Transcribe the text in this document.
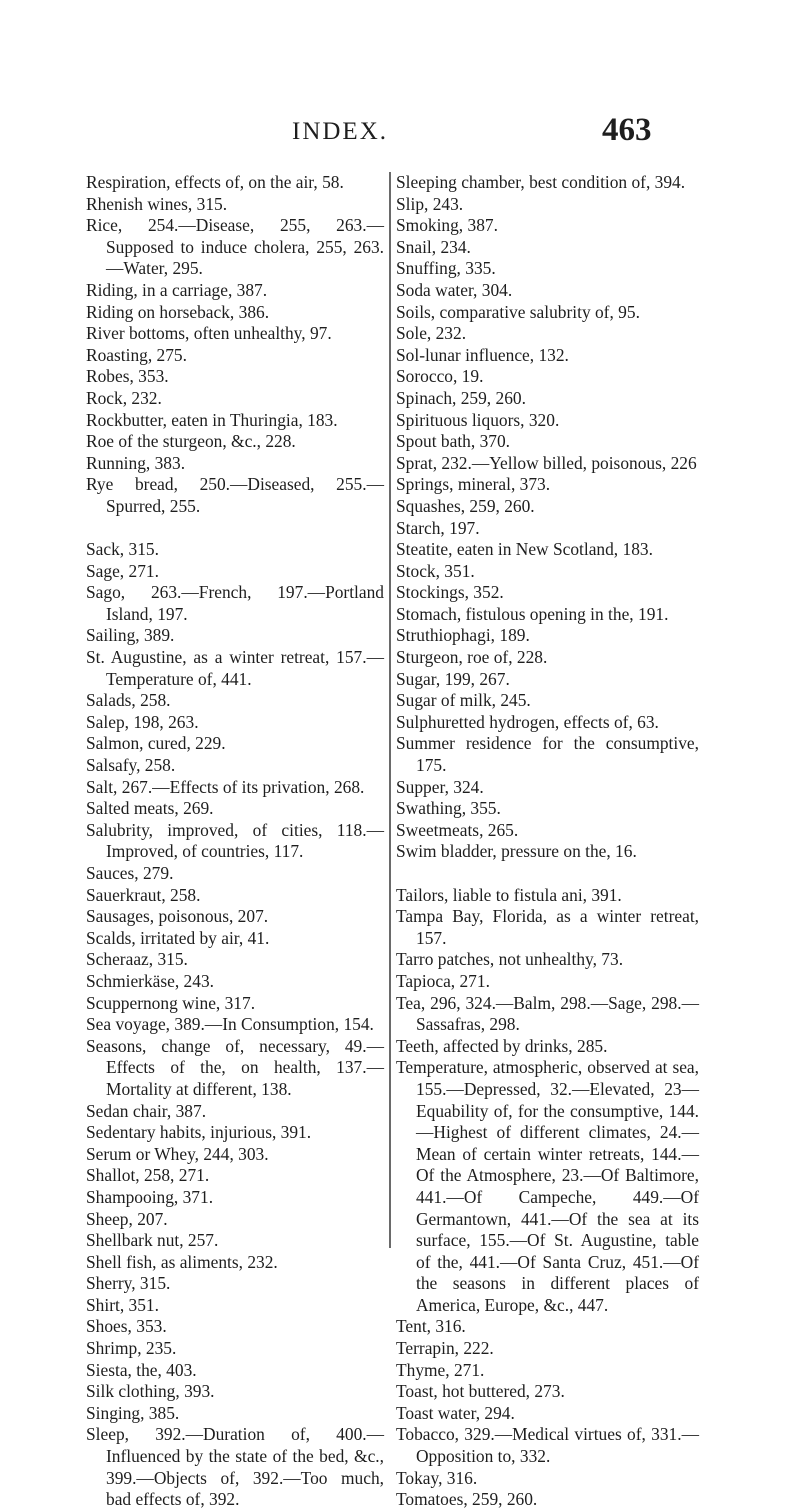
INDEX.	463
Respiration, effects of, on the air, 58.
Rhenish wines, 315.
Rice, 254.—Disease, 255, 263.—Supposed to induce cholera, 255, 263.—Water, 295.
Riding, in a carriage, 387.
Riding on horseback, 386.
River bottoms, often unhealthy, 97.
Roasting, 275.
Robes, 353.
Rock, 232.
Rockbutter, eaten in Thuringia, 183.
Roe of the sturgeon, &c., 228.
Running, 383.
Rye bread, 250.—Diseased, 255.—Spurred, 255.
Sack, 315.
Sage, 271.
Sago, 263.—French, 197.—Portland Island, 197.
Sailing, 389.
St. Augustine, as a winter retreat, 157.—Temperature of, 441.
Salads, 258.
Salep, 198, 263.
Salmon, cured, 229.
Salsafy, 258.
Salt, 267.—Effects of its privation, 268.
Salted meats, 269.
Salubrity, improved, of cities, 118.—Improved, of countries, 117.
Sauces, 279.
Sauerkraut, 258.
Sausages, poisonous, 207.
Scalds, irritated by air, 41.
Scheraaz, 315.
Schmierkäse, 243.
Scuppernong wine, 317.
Sea voyage, 389.—In Consumption, 154.
Seasons, change of, necessary, 49.—Effects of the, on health, 137.—Mortality at different, 138.
Sedan chair, 387.
Sedentary habits, injurious, 391.
Serum or Whey, 244, 303.
Shallot, 258, 271.
Shampooing, 371.
Sheep, 207.
Shellbark nut, 257.
Shell fish, as aliments, 232.
Sherry, 315.
Shirt, 351.
Shoes, 353.
Shrimp, 235.
Siesta, the, 403.
Silk clothing, 393.
Singing, 385.
Sleep, 392.—Duration of, 400.—Influenced by the state of the bed, &c., 399.—Objects of, 392.—Too much, bad effects of, 392.
Sleeping chamber, best condition of, 394.
Slip, 243.
Smoking, 387.
Snail, 234.
Snuffing, 335.
Soda water, 304.
Soils, comparative salubrity of, 95.
Sole, 232.
Sol-lunar influence, 132.
Sorocco, 19.
Spinach, 259, 260.
Spirituous liquors, 320.
Spout bath, 370.
Sprat, 232.—Yellow billed, poisonous, 226
Springs, mineral, 373.
Squashes, 259, 260.
Starch, 197.
Steatite, eaten in New Scotland, 183.
Stock, 351.
Stockings, 352.
Stomach, fistulous opening in the, 191.
Struthiophagi, 189.
Sturgeon, roe of, 228.
Sugar, 199, 267.
Sugar of milk, 245.
Sulphuretted hydrogen, effects of, 63.
Summer residence for the consumptive, 175.
Supper, 324.
Swathing, 355.
Sweetmeats, 265.
Swim bladder, pressure on the, 16.
Tailors, liable to fistula ani, 391.
Tampa Bay, Florida, as a winter retreat, 157.
Tarro patches, not unhealthy, 73.
Tapioca, 271.
Tea, 296, 324.—Balm, 298.—Sage, 298.—Sassafras, 298.
Teeth, affected by drinks, 285.
Temperature, atmospheric, observed at sea, 155.—Depressed, 32.—Elevated, 23—Equability of, for the consumptive, 144.—Highest of different climates, 24.—Mean of certain winter retreats, 144.—Of the Atmosphere, 23.—Of Baltimore, 441.—Of Campeche, 449.—Of Germantown, 441.—Of the sea at its surface, 155.—Of St. Augustine, table of the, 441.—Of Santa Cruz, 451.—Of the seasons in different places of America, Europe, &c., 447.
Tent, 316.
Terrapin, 222.
Thyme, 271.
Toast, hot buttered, 273.
Toast water, 294.
Tobacco, 329.—Medical virtues of, 331.—Opposition to, 332.
Tokay, 316.
Tomatoes, 259, 260.
